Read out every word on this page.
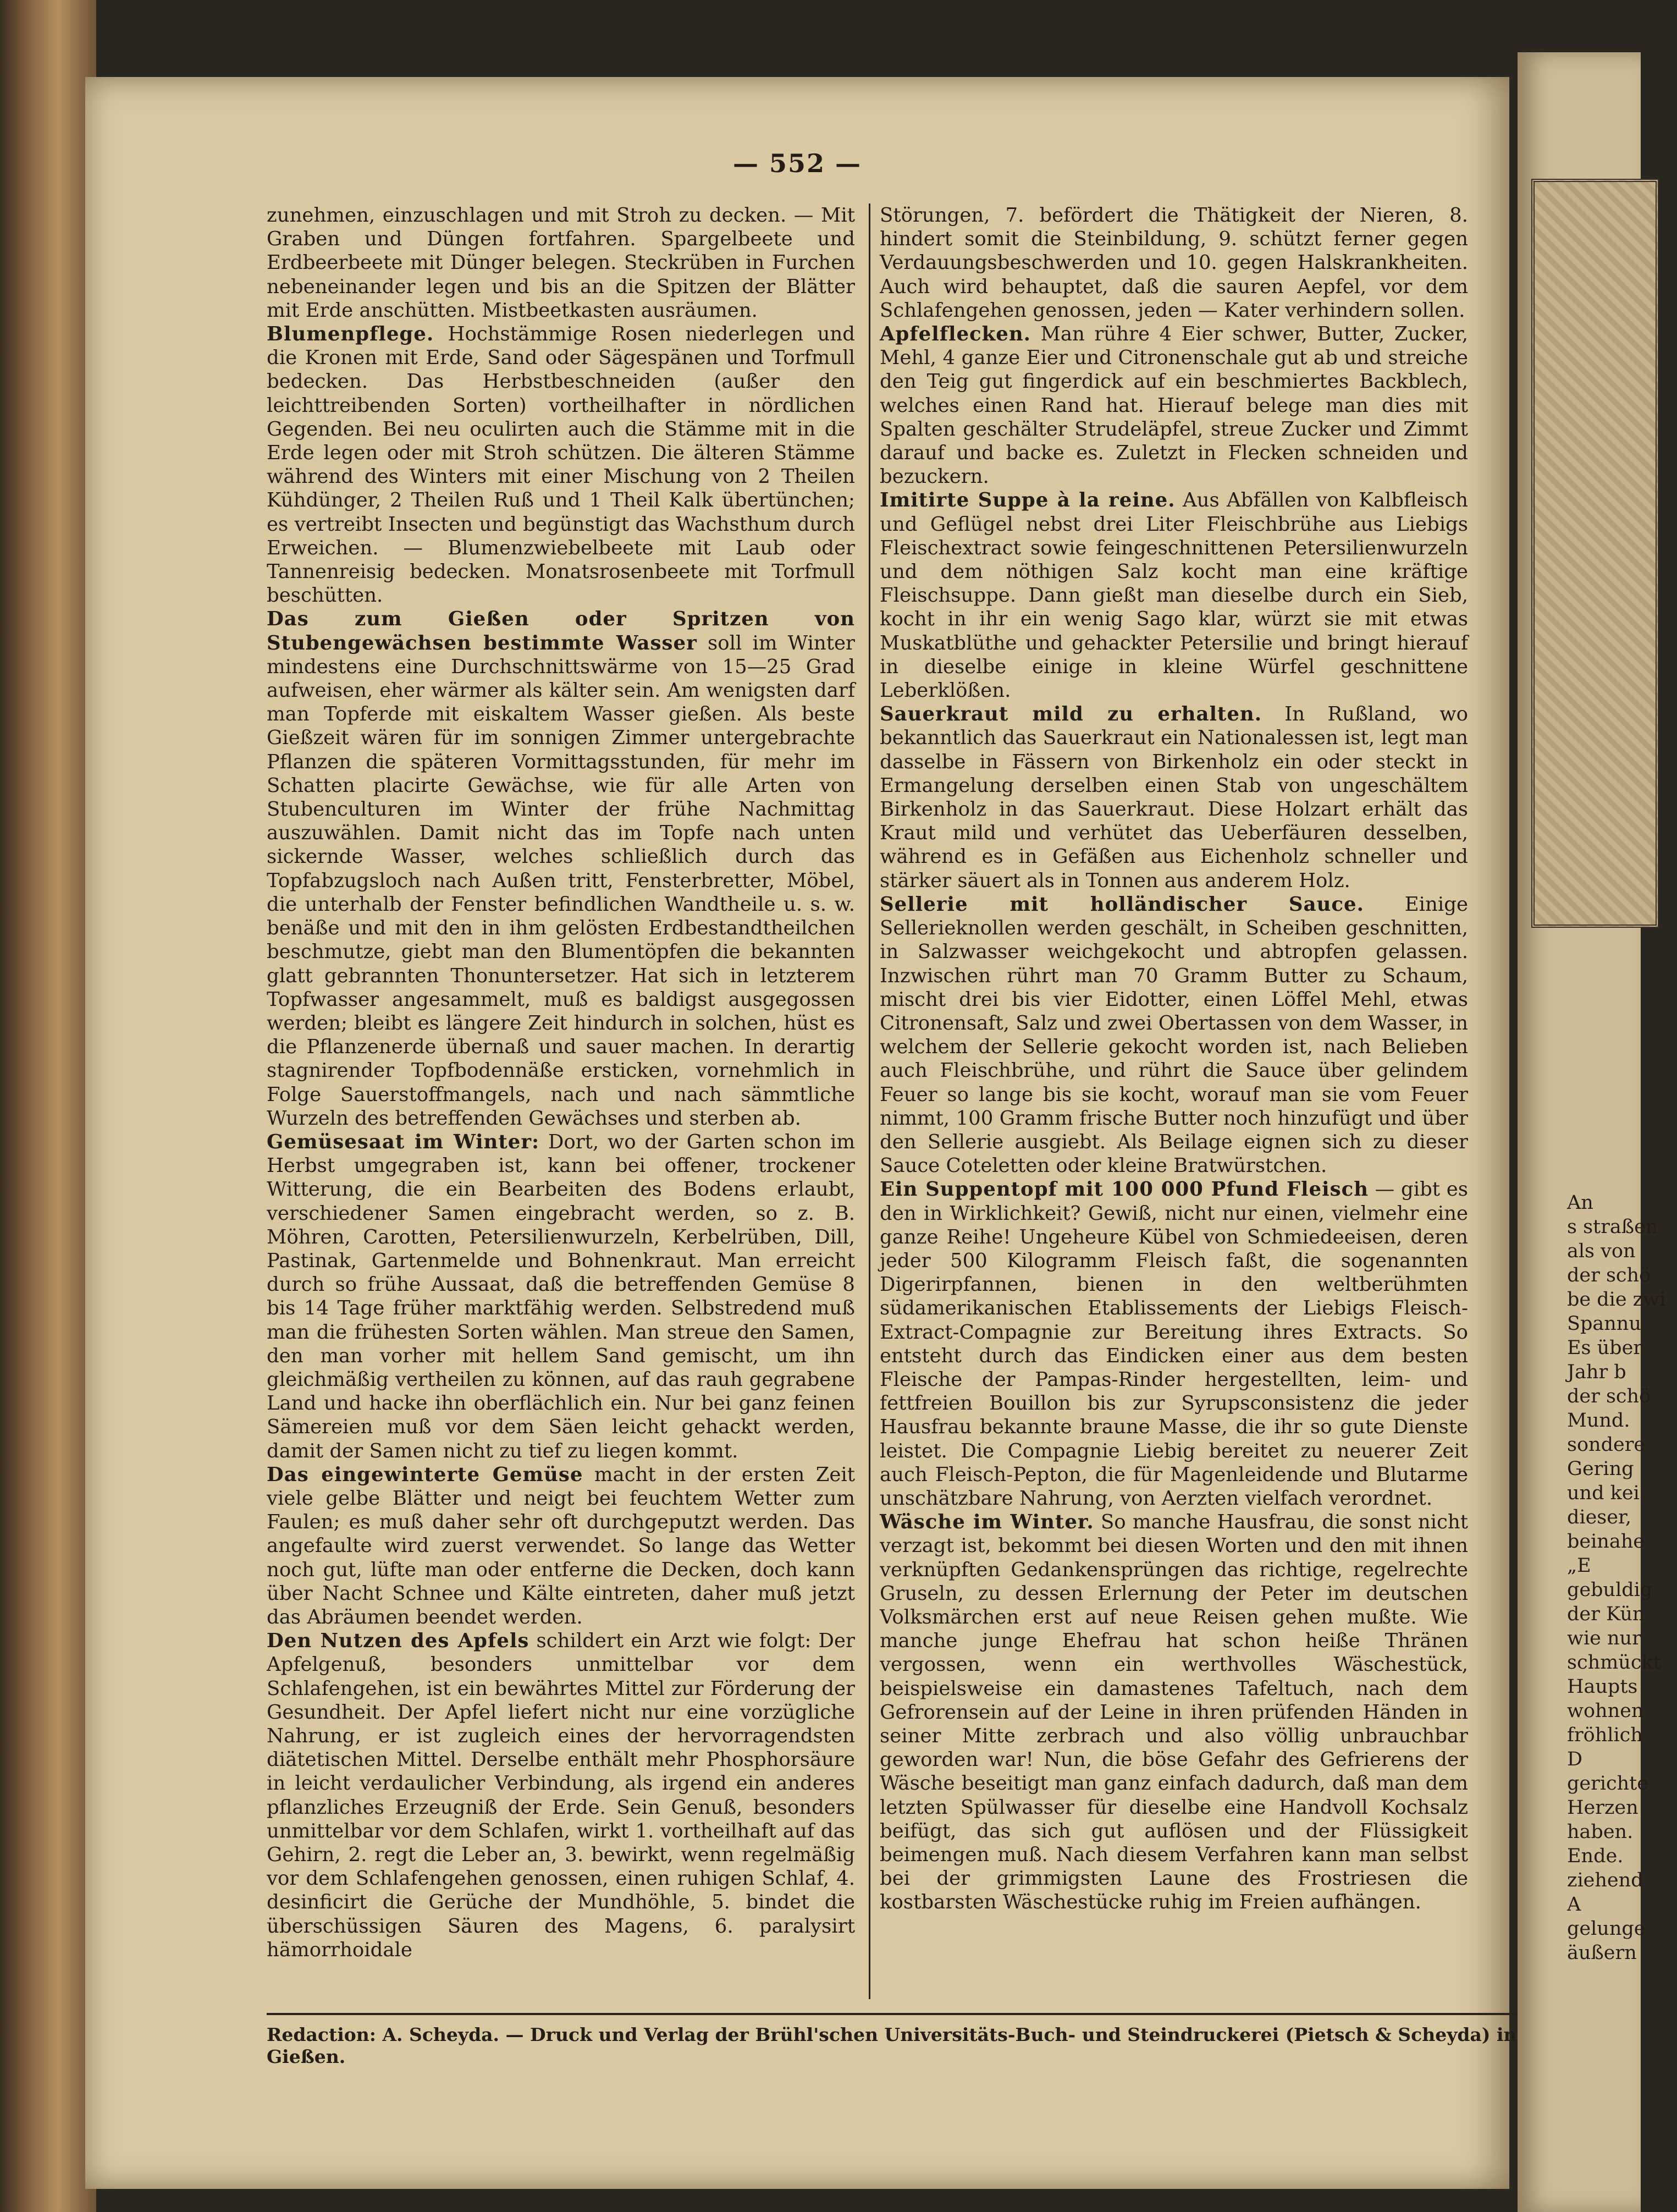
— 552 —

zunehmen, einzuschlagen und mit Stroh zu decken. — Mit Graben und Düngen fortfahren. Spargelbeete und Erdbeerbeete mit Dünger belegen. Steckrüben in Furchen nebeneinander legen und bis an die Spitzen der Blätter mit Erde anschütten. Mistbeetkasten ausräumen.

Blumenpflege. Hochstämmige Rosen niederlegen und die Kronen mit Erde, Sand oder Sägespänen und Torfmull bedecken. Das Herbstbeschneiden (außer den leichttreibenden Sorten) vortheilhafter in nördlichen Gegenden. Bei neu oculirten auch die Stämme mit in die Erde legen oder mit Stroh schützen. Die älteren Stämme während des Winters mit einer Mischung von 2 Theilen Kühdünger, 2 Theilen Ruß und 1 Theil Kalk übertünchen; es vertreibt Insecten und begünstigt das Wachsthum durch Erweichen. — Blumenzwiebelbeete mit Laub oder Tannenreisig bedecken. Monatsrosenbeete mit Torfmull beschütten.

Das zum Gießen oder Spritzen von Stubengewächsen bestimmte Wasser soll im Winter mindestens eine Durchschnittswärme von 15—25 Grad aufweisen, eher wärmer als kälter sein. Am wenigsten darf man Topferde mit eiskaltem Wasser gießen. Als beste Gießzeit wären für im sonnigen Zimmer untergebrachte Pflanzen die späteren Vormittagsstunden, für mehr im Schatten placirte Gewächse, wie für alle Arten von Stubenculturen im Winter der frühe Nachmittag auszuwählen. Damit nicht das im Topfe nach unten sickernde Wasser, welches schließlich durch das Topfabzugsloch nach Außen tritt, Fensterbretter, Möbel, die unterhalb der Fenster befindlichen Wandtheile u. s. w. benäße und mit den in ihm gelösten Erdbestandtheilchen beschmutze, giebt man den Blumentöpfen die bekannten glatt gebrannten Thonuntersetzer. Hat sich in letzterem Topfwasser angesammelt, muß es baldigst ausgegossen werden; bleibt es längere Zeit hindurch in solchen, hüst es die Pflanzenerde übernaß und sauer machen. In derartig stagnirender Topfbodennäße ersticken, vornehmlich in Folge Sauerstoffmangels, nach und nach sämmtliche Wurzeln des betreffenden Gewächses und sterben ab.

Gemüsesaat im Winter: Dort, wo der Garten schon im Herbst umgegraben ist, kann bei offener, trockener Witterung, die ein Bearbeiten des Bodens erlaubt, verschiedener Samen eingebracht werden, so z. B. Möhren, Carotten, Petersilienwurzeln, Kerbelrüben, Dill, Pastinak, Gartenmelde und Bohnenkraut. Man erreicht durch so frühe Aussaat, daß die betreffenden Gemüse 8 bis 14 Tage früher marktfähig werden. Selbstredend muß man die frühesten Sorten wählen. Man streue den Samen, den man vorher mit hellem Sand gemischt, um ihn gleichmäßig vertheilen zu können, auf das rauh gegrabene Land und hacke ihn oberflächlich ein. Nur bei ganz feinen Sämereien muß vor dem Säen leicht gehackt werden, damit der Samen nicht zu tief zu liegen kommt.

Das eingewinterte Gemüse macht in der ersten Zeit viele gelbe Blätter und neigt bei feuchtem Wetter zum Faulen; es muß daher sehr oft durchgeputzt werden. Das angefaulte wird zuerst verwendet. So lange das Wetter noch gut, lüfte man oder entferne die Decken, doch kann über Nacht Schnee und Kälte eintreten, daher muß jetzt das Abräumen beendet werden.

Den Nutzen des Apfels schildert ein Arzt wie folgt: Der Apfelgenuß, besonders unmittelbar vor dem Schlafengehen, ist ein bewährtes Mittel zur Förderung der Gesundheit. Der Apfel liefert nicht nur eine vorzügliche Nahrung, er ist zugleich eines der hervorragendsten diätetischen Mittel. Derselbe enthält mehr Phosphorsäure in leicht verdaulicher Verbindung, als irgend ein anderes pflanzliches Erzeugniß der Erde. Sein Genuß, besonders unmittelbar vor dem Schlafen, wirkt 1. vortheilhaft auf das Gehirn, 2. regt die Leber an, 3. bewirkt, wenn regelmäßig vor dem Schlafengehen genossen, einen ruhigen Schlaf, 4. desinficirt die Gerüche der Mundhöhle, 5. bindet die überschüssigen Säuren des Magens, 6. paralysirt hämorrhoidale

Störungen, 7. befördert die Thätigkeit der Nieren, 8. hindert somit die Steinbildung, 9. schützt ferner gegen Verdauungsbeschwerden und 10. gegen Halskrankheiten. Auch wird behauptet, daß die sauren Aepfel, vor dem Schlafengehen genossen, jeden — Kater verhindern sollen.

Apfelflecken. Man rühre 4 Eier schwer, Butter, Zucker, Mehl, 4 ganze Eier und Citronenschale gut ab und streiche den Teig gut fingerdick auf ein beschmiertes Backblech, welches einen Rand hat. Hierauf belege man dies mit Spalten geschälter Strudeläpfel, streue Zucker und Zimmt darauf und backe es. Zuletzt in Flecken schneiden und bezuckern.

Imitirte Suppe à la reine. Aus Abfällen von Kalbfleisch und Geflügel nebst drei Liter Fleischbrühe aus Liebigs Fleischextract sowie feingeschnittenen Petersilienwurzeln und dem nöthigen Salz kocht man eine kräftige Fleischsuppe. Dann gießt man dieselbe durch ein Sieb, kocht in ihr ein wenig Sago klar, würzt sie mit etwas Muskatblüthe und gehackter Petersilie und bringt hierauf in dieselbe einige in kleine Würfel geschnittene Leberklößen.

Sauerkraut mild zu erhalten. In Rußland, wo bekanntlich das Sauerkraut ein Nationalessen ist, legt man dasselbe in Fässern von Birkenholz ein oder steckt in Ermangelung derselben einen Stab von ungeschältem Birkenholz in das Sauerkraut. Diese Holzart erhält das Kraut mild und verhütet das Ueberfäuren desselben, während es in Gefäßen aus Eichenholz schneller und stärker säuert als in Tonnen aus anderem Holz.

Sellerie mit holländischer Sauce. Einige Sellerieknollen werden geschält, in Scheiben geschnitten, in Salzwasser weichgekocht und abtropfen gelassen. Inzwischen rührt man 70 Gramm Butter zu Schaum, mischt drei bis vier Eidotter, einen Löffel Mehl, etwas Citronensaft, Salz und zwei Obertassen von dem Wasser, in welchem der Sellerie gekocht worden ist, nach Belieben auch Fleischbrühe, und rührt die Sauce über gelindem Feuer so lange bis sie kocht, worauf man sie vom Feuer nimmt, 100 Gramm frische Butter noch hinzufügt und über den Sellerie ausgiebt. Als Beilage eignen sich zu dieser Sauce Coteletten oder kleine Bratwürstchen.

Ein Suppentopf mit 100 000 Pfund Fleisch — gibt es den in Wirklichkeit? Gewiß, nicht nur einen, vielmehr eine ganze Reihe! Ungeheure Kübel von Schmiedeeisen, deren jeder 500 Kilogramm Fleisch faßt, die sogenannten Digerirpfannen, bienen in den weltberühmten südamerikanischen Etablissements der Liebigs Fleisch-Extract-Compagnie zur Bereitung ihres Extracts. So entsteht durch das Eindicken einer aus dem besten Fleische der Pampas-Rinder hergestellten, leim- und fettfreien Bouillon bis zur Syrupsconsistenz die jeder Hausfrau bekannte braune Masse, die ihr so gute Dienste leistet. Die Compagnie Liebig bereitet zu neuerer Zeit auch Fleisch-Pepton, die für Magenleidende und Blutarme unschätzbare Nahrung, von Aerzten vielfach verordnet.

Wäsche im Winter. So manche Hausfrau, die sonst nicht verzagt ist, bekommt bei diesen Worten und den mit ihnen verknüpften Gedankensprüngen das richtige, regelrechte Gruseln, zu dessen Erlernung der Peter im deutschen Volksmärchen erst auf neue Reisen gehen mußte. Wie manche junge Ehefrau hat schon heiße Thränen vergossen, wenn ein werthvolles Wäschestück, beispielsweise ein damastenes Tafeltuch, nach dem Gefrorensein auf der Leine in ihren prüfenden Händen in seiner Mitte zerbrach und also völlig unbrauchbar geworden war! Nun, die böse Gefahr des Gefrierens der Wäsche beseitigt man ganz einfach dadurch, daß man dem letzten Spülwasser für dieselbe eine Handvoll Kochsalz beifügt, das sich gut auflösen und der Flüssigkeit beimengen muß. Nach diesem Verfahren kann man selbst bei der grimmigsten Laune des Frostriesen die kostbarsten Wäschestücke ruhig im Freien aufhängen.

Redaction: A. Scheyda. — Druck und Verlag der Brühl'schen Universitäts-Buch- und Steindruckerei (Pietsch & Scheyda) in Gießen.
An
s straßen
als von
der schö
be die zwi
Spannu
Es über
Jahr b
der schö
Mund.
sondere
Gering
und kei
dieser,
beinahe
„E
gebuldig
der Kün
wie nur
schmückt
Haupts
wohnen
fröhlich
D
gerichte
Herzen
haben.
Ende.
ziehend
A
gelunge
äußern
